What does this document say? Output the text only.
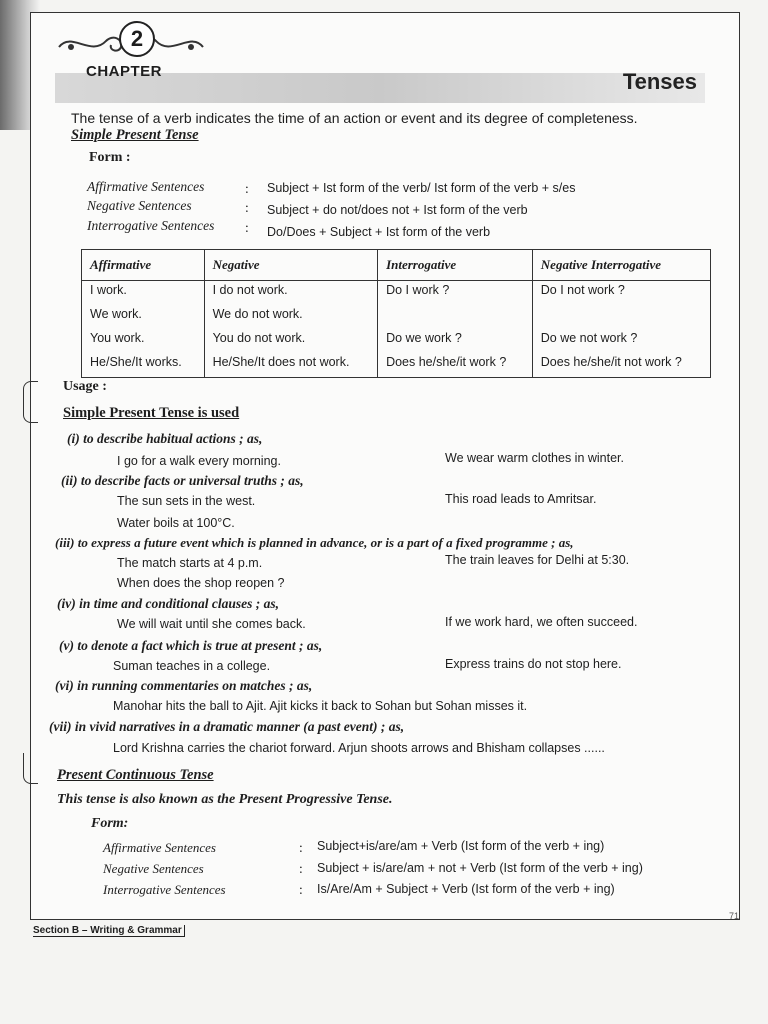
2
CHAPTER	Tenses
The tense of a verb indicates the time of an action or event and its degree of completeness.
Simple Present Tense
Form :
Affirmative Sentences	: Subject + Ist form of the verb/ Ist form of the verb + s/es
Negative Sentences	: Subject + do not/does not + Ist form of the verb
Interrogative Sentences : Do/Does + Subject + Ist form of the verb
Affirmative	Negative	Interrogative	Negative Interrogative
I work.	I do not work.	Do I work ?	Do I not work ?
We work.	We do not work.		
You work.	You do not work.	Do we work ?	Do we not work ?
He/She/It works.	He/She/It does not work.	Does he/she/it work ?	Does he/she/it not work ?
Usage :
Simple Present Tense is used
(i) to describe habitual actions ; as,
I go for a walk every morning.	We wear warm clothes in winter.
(ii) to describe facts or universal truths ; as,
The sun sets in the west.
Water boils at 100°C.
This road leads to Amritsar.
(iii) to express a future event which is planned in advance, or is a part of a fixed programme ; as,
The match starts at 4 p.m.
When does the shop reopen ?
The train leaves for Delhi at 5:30.
(iv) in time and conditional clauses ; as,
We will wait until she comes back.	If we work hard, we often succeed.
(v) to denote a fact which is true at present ; as,
Suman teaches in a college.	Express trains do not stop here.
(vi) in running commentaries on matches ; as,
Manohar hits the ball to Ajit. Ajit kicks it back to Sohan but Sohan misses it.
(vii) in vivid narratives in a dramatic manner (a past event) ; as,
Lord Krishna carries the chariot forward. Arjun shoots arrows and Bhisham collapses ......
Present Continuous Tense
This tense is also known as the Present Progressive Tense.
Form:
Affirmative Sentences	: Subject+is/are/am + Verb (Ist form of the verb + ing)
Negative Sentences	: Subject + is/are/am + not + Verb (Ist form of the verb + ing)
Interrogative Sentences	: Is/Are/Am + Subject + Verb (Ist form of the verb + ing)
Section B – Writing & Grammar
71
